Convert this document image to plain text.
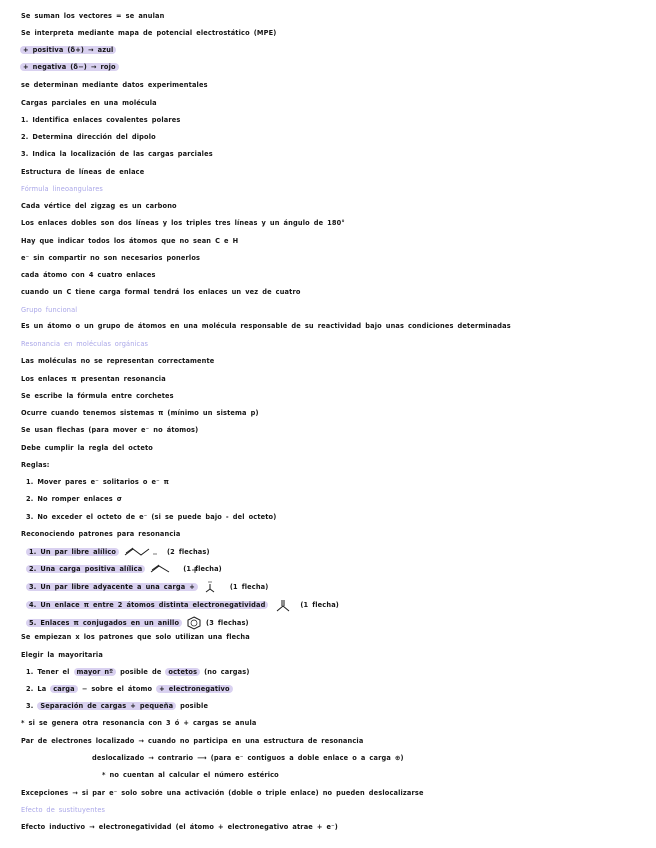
Se suman los vectores = se anulan
Se interpreta mediante mapa de potencial electrostático (MPE)
+ positiva (δ+) → azul
+ negativa (δ−) → rojo
se determinan mediante datos experimentales
Cargas parciales en una molécula
1. Identifica enlaces covalentes polares
2. Determina dirección del dipolo
3. Indica la localización de las cargas parciales
Estructura de líneas de enlace
Fórmula lineoangulares
Cada vértice del zigzag es un carbono
Los enlaces dobles son dos líneas y los triples tres líneas y un ángulo de 180°
Hay que indicar todos los átomos que no sean C e H
e⁻ sin compartir no son necesarios ponerlos
cada átomo con 4 cuatro enlaces
cuando un C tiene carga formal tendrá los enlaces un vez de cuatro
Grupo funcional
Es un átomo o un grupo de átomos en una molécula responsable de su reactividad bajo unas condiciones determinadas
Resonancia en moléculas orgánicas
Las moléculas no se representan correctamente
Los enlaces π presentan resonancia
Se escribe la fórmula entre corchetes
Ocurre cuando tenemos sistemas π (mínimo un sistema p)
Se usan flechas (para mover e⁻ no átomos)
Debe cumplir la regla del octeto
Reglas:
1. Mover pares e⁻ solitarios o e⁻ π
2. No romper enlaces σ
3. No exceder el octeto de e⁻ (si se puede bajo - del octeto)
Reconociendo patrones para resonancia
1. Un par libre alílico	(2 flechas)
2. Una carga positiva alílica	(1 flecha)
3. Un par libre adyacente a una carga +	(1 flecha)
4. Un enlace π entre 2 átomos distinta electronegatividad	(1 flecha)
5. Enlaces π conjugados en un anillo	(3 flechas)
Se empiezan x los patrones que solo utilizan una flecha
Elegir la mayoritaria
1. Tener el mayor nº posible de octetos (no cargas)
2. La carga − sobre el átomo + electronegativo
3. Separación de cargas + pequeña posible
* si se genera otra resonancia con 3 ó + cargas se anula
Par de electrones localizado → cuando no participa en una estructura de resonancia
deslocalizado → contrario ⟶ (para e⁻ contiguos a doble enlace o a carga ⊕)
* no cuentan al calcular el número estérico
Excepciones → si par e⁻ solo sobre una activación (doble o triple enlace) no pueden deslocalizarse
Efecto de sustituyentes
Efecto inductivo → electronegatividad (el átomo + electronegativo atrae + e⁻)
